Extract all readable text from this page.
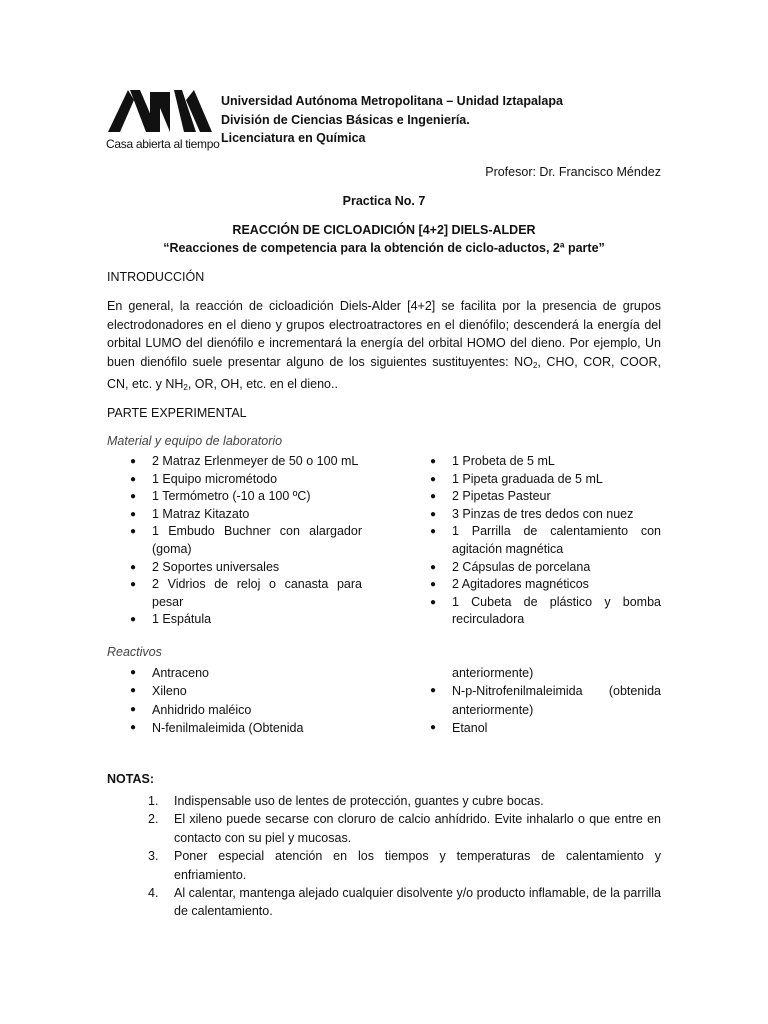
Casa abierta al tiempo
Universidad Autónoma Metropolitana – Unidad Iztapalapa
División de Ciencias Básicas e Ingeniería.
Licenciatura en Química
Profesor: Dr. Francisco Méndez
Practica No. 7
REACCIÓN DE CICLOADICIÓN [4+2] DIELS-ALDER
“Reacciones de competencia para la obtención de ciclo-aductos, 2ª parte”
INTRODUCCIÓN

En general, la reacción de cicloadición Diels-Alder [4+2] se facilita por la presencia de grupos electrodonadores en el dieno y grupos electroatractores en el dienófilo; descenderá la energía del orbital LUMO del dienófilo e incrementará la energía del orbital HOMO del dieno. Por ejemplo, Un buen dienófilo suele presentar alguno de los siguientes sustituyentes: $NO_2$, CHO, COR, COOR, CN, etc. y $NH_2$, OR, OH, etc. en el dieno..

PARTE EXPERIMENTAL
Material y equipo de laboratorio
● 2 Matraz Erlenmeyer de 50 o 100 mL
● 1 Equipo micrométodo
● 1 Termómetro (-10 a 100 ºC)
● 1 Matraz Kitazato
● 1 Embudo Buchner con alargador (goma)
● 2 Soportes universales
● 2 Vidrios de reloj o canasta para pesar
● 1 Espátula
● 1 Probeta de 5 mL
● 1 Pipeta graduada de 5 mL
● 2 Pipetas Pasteur
● 3 Pinzas de tres dedos con nuez
● 1 Parrilla de calentamiento con agitación magnética
● 2 Cápsulas de porcelana
● 2 Agitadores magnéticos
● 1 Cubeta de plástico y bomba recirculadora
Reactivos
● Antraceno
● Xileno
● Anhidrido maléico
● N-fenilmaleimida (Obtenida
anteriormente)
● N-p-Nitrofenilmaleimida (obtenida anteriormente)
● Etanol
NOTAS:
1. Indispensable uso de lentes de protección, guantes y cubre bocas.
2. El xileno puede secarse con cloruro de calcio anhídrido. Evite inhalarlo o que entre en contacto con su piel y mucosas.
3. Poner especial atención en los tiempos y temperaturas de calentamiento y enfriamiento.
4. Al calentar, mantenga alejado cualquier disolvente y/o producto inflamable, de la parrilla de calentamiento.
